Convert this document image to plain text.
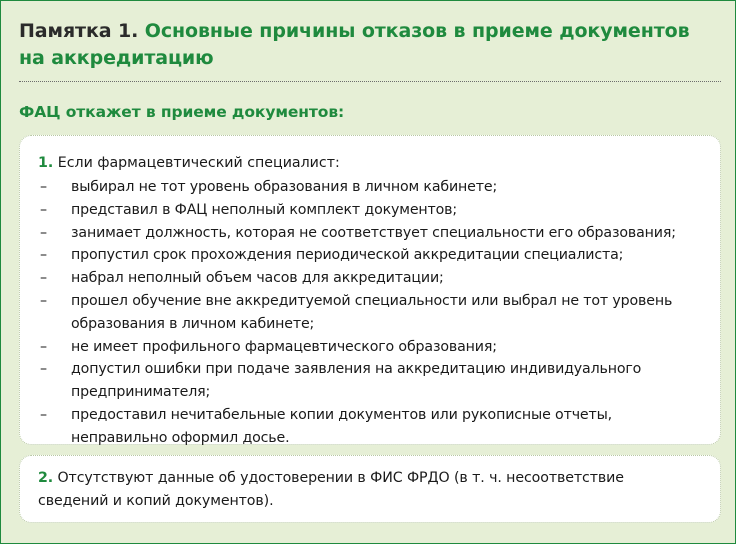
Памятка 1. Основные причины отказов в приеме документов на аккредитацию
ФАЦ откажет в приеме документов:
1. Если фармацевтический специалист:
– выбирал не тот уровень образования в личном кабинете;
– представил в ФАЦ неполный комплект документов;
– занимает должность, которая не соответствует специальности его образования;
– пропустил срок прохождения периодической аккредитации специалиста;
– набрал неполный объем часов для аккредитации;
– прошел обучение вне аккредитуемой специальности или выбрал не тот уровень образования в личном кабинете;
– не имеет профильного фармацевтического образования;
– допустил ошибки при подаче заявления на аккредитацию индивидуального предпринимателя;
– предоставил нечитабельные копии документов или рукописные отчеты, неправильно оформил досье.
2. Отсутствуют данные об удостоверении в ФИС ФРДО (в т. ч. несоответствие сведений и копий документов).
